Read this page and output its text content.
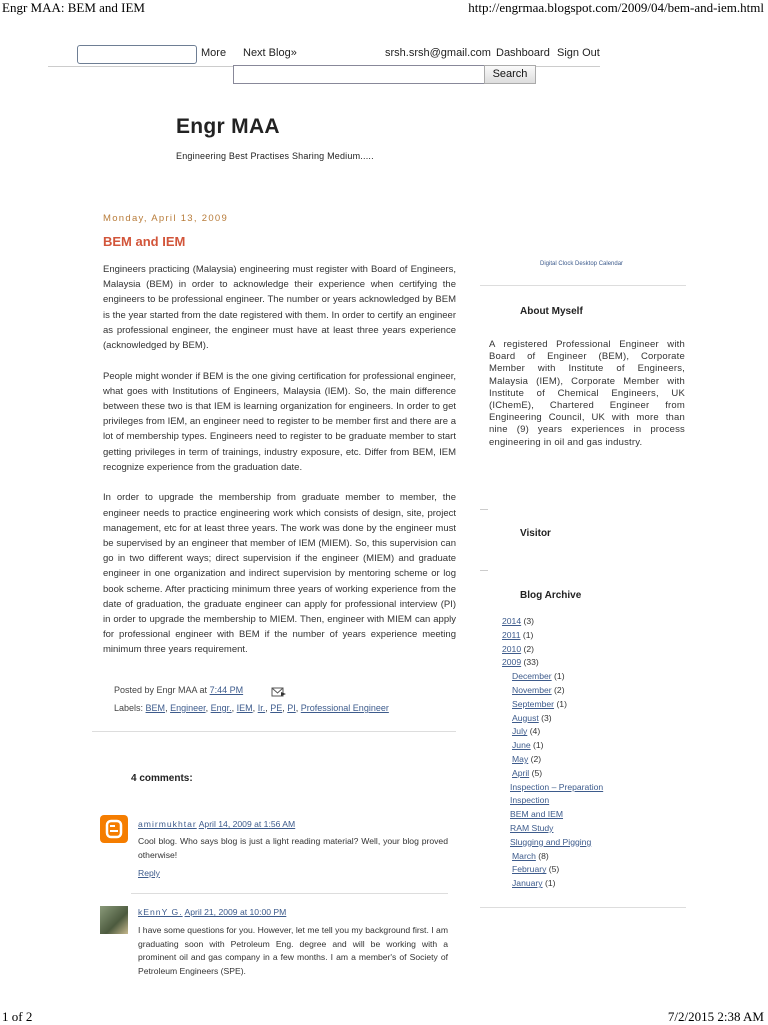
Engr MAA: BEM and IEM	http://engrmaa.blogspot.com/2009/04/bem-and-iem.html
More Next Blog»	srsh.srsh@gmail.com Dashboard Sign Out
Search
Engr MAA
Engineering Best Practises Sharing Medium.....
Monday, April 13, 2009
BEM and IEM

Engineers practicing (Malaysia) engineering must register with Board of Engineers, Malaysia (BEM) in order to acknowledge their experience when certifying the engineers to be professional engineer. The number or years acknowledged by BEM is the year started from the date registered with them. In order to certify an engineer as professional engineer, the engineer must have at least three years experience (acknowledged by BEM).

People might wonder if BEM is the one giving certification for professional engineer, what goes with Institutions of Engineers, Malaysia (IEM). So, the main difference between these two is that IEM is learning organization for engineers. In order to get privileges from IEM, an engineer need to register to be member first and there are a lot of membership types. Engineers need to register to be graduate member to start getting privileges in term of trainings, industry exposure, etc. Differ from BEM, IEM recognize experience from the graduation date.

In order to upgrade the membership from graduate member to member, the engineer needs to practice engineering work which consists of design, site, project management, etc for at least three years. The work was done by the engineer must be supervised by an engineer that member of IEM (MIEM). So, this supervision can go in two different ways; direct supervision if the engineer (MIEM) and graduate engineer in one organization and indirect supervision by mentoring scheme or log book scheme. After practicing minimum three years of working experience from the date of graduation, the graduate engineer can apply for professional interview (PI) in order to upgrade the membership to MIEM. Then, engineer with MIEM can apply for professional engineer with BEM if the number of years experience meeting minimum three years requirement.

Posted by Engr MAA at 7:44 PM
Labels: BEM, Engineer, Engr., IEM, Ir., PE, PI, Professional Engineer
4 comments:
amirmukhtar April 14, 2009 at 1:56 AM
Cool blog. Who says blog is just a light reading material? Well, your blog proved otherwise!
Reply
kEnnY G. April 21, 2009 at 10:00 PM
I have some questions for you. However, let me tell you my background first. I am graduating soon with Petroleum Eng. degree and will be working with a prominent oil and gas company in a few months. I am a member's of Society of Petroleum Engineers (SPE).
Digital Clock Desktop Calendar
About Myself
A registered Professional Engineer with Board of Engineer (BEM), Corporate Member with Institute of Engineers, Malaysia (IEM), Corporate Member with Institute of Chemical Engineers, UK (IChemE), Chartered Engineer from Engineering Council, UK with more than nine (9) years experiences in process engineering in oil and gas industry.
Visitor
Blog Archive
2014 (3)
2011 (1)
2010 (2)
2009 (33)
December (1)
November (2)
September (1)
August (3)
July (4)
June (1)
May (2)
April (5)
Inspection – Preparation
Inspection
BEM and IEM
RAM Study
Slugging and Pigging
March (8)
February (5)
January (1)
1 of 2	7/2/2015 2:38 AM
